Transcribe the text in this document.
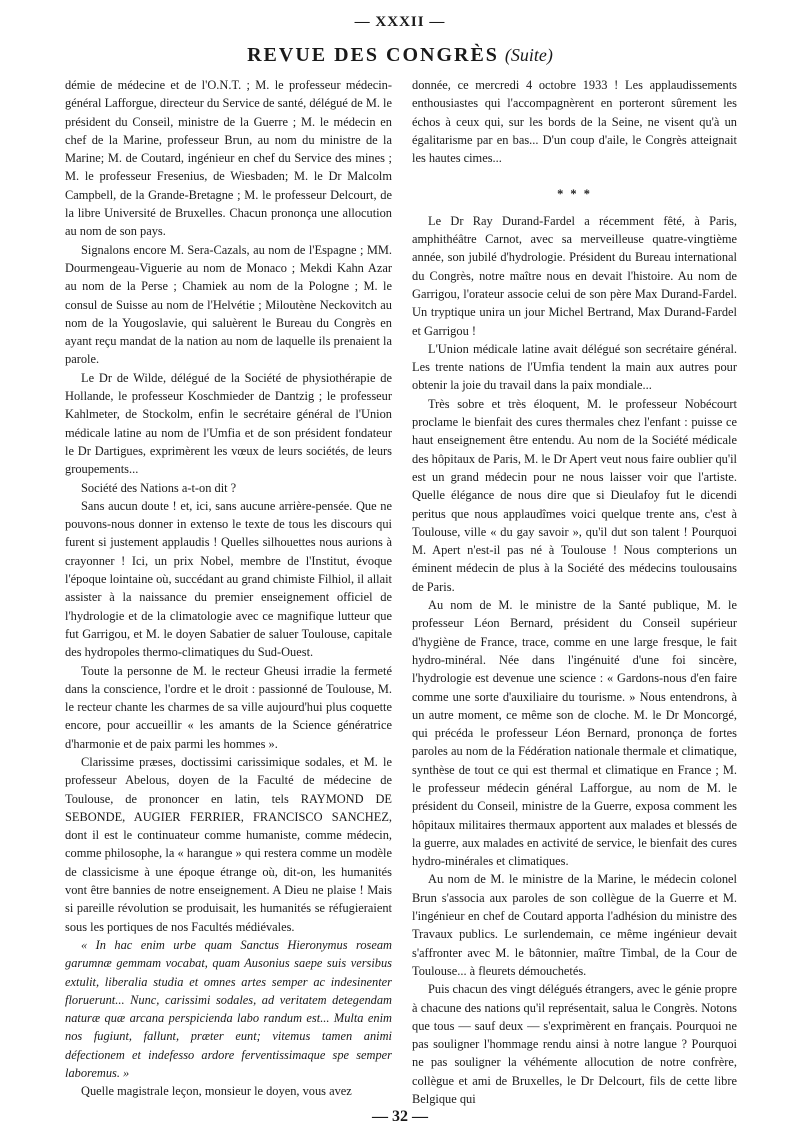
— XXXII —
REVUE DES CONGRÈS (Suite)

démie de médecine et de l'O.N.T. ; M. le professeur médecin-général Lafforgue, directeur du Service de santé, délégué de M. le président du Conseil, ministre de la Guerre ; M. le médecin en chef de la Marine, professeur Brun, au nom du ministre de la Marine; M. de Coutard, ingénieur en chef du Service des mines ; M. le professeur Fresenius, de Wiesbaden; M. le Dr Malcolm Campbell, de la Grande-Bretagne ; M. le professeur Delcourt, de la libre Université de Bruxelles. Chacun prononça une allocution au nom de son pays.

Signalons encore M. Sera-Cazals, au nom de l'Espagne ; MM. Dourmengeau-Viguerie au nom de Monaco ; Mekdi Kahn Azar au nom de la Perse ; Chamiek au nom de la Pologne ; M. le consul de Suisse au nom de l'Helvétie ; Miloutène Neckovitch au nom de la Yougoslavie, qui saluèrent le Bureau du Congrès en ayant reçu mandat de la nation au nom de laquelle ils prenaient la parole.

Le Dr de Wilde, délégué de la Société de physiothérapie de Hollande, le professeur Koschmieder de Dantzig ; le professeur Kahlmeter, de Stockolm, enfin le secrétaire général de l'Union médicale latine au nom de l'Umfia et de son président fondateur le Dr Dartigues, exprimèrent les vœux de leurs sociétés, de leurs groupements...

Société des Nations a-t-on dit ?

Sans aucun doute ! et, ici, sans aucune arrière-pensée. Que ne pouvons-nous donner in extenso le texte de tous les discours qui furent si justement applaudis ! Quelles silhouettes nous aurions à crayonner ! Ici, un prix Nobel, membre de l'Institut, évoque l'époque lointaine où, succédant au grand chimiste Filhiol, il allait assister à la naissance du premier enseignement officiel de l'hydrologie et de la climatologie avec ce magnifique lutteur que fut Garrigou, et M. le doyen Sabatier de saluer Toulouse, capitale des hydropoles thermo-climatiques du Sud-Ouest.

Toute la personne de M. le recteur Gheusi irradie la fermeté dans la conscience, l'ordre et le droit : passionné de Toulouse, M. le recteur chante les charmes de sa ville aujourd'hui plus coquette encore, pour accueillir « les amants de la Science génératrice d'harmonie et de paix parmi les hommes ».

Clarissime præses, doctissimi carissimique sodales, et M. le professeur Abelous, doyen de la Faculté de médecine de Toulouse, de prononcer en latin, tels RAYMOND DE SEBONDE, AUGIER FERRIER, FRANCISCO SANCHEZ, dont il est le continuateur comme humaniste, comme médecin, comme philosophe, la « harangue » qui restera comme un modèle de classicisme à une époque étrange où, dit-on, les humanités vont être bannies de notre enseignement. A Dieu ne plaise ! Mais si pareille révolution se produisait, les humanités se réfugieraient sous les portiques de nos Facultés médiévales.

« In hac enim urbe quam Sanctus Hieronymus roseam garumnæ gemmam vocabat, quam Ausonius saepe suis versibus extulit, liberalia studia et omnes artes semper ac indesinenter floruerunt... Nunc, carissimi sodales, ad veritatem detegendam naturæ quæ arcana perspicienda labo randum est... Multa enim nos fugiunt, fallunt, præter eunt; vitemus tamen animi défectionem et indefesso ardore ferventissimaque spe semper laboremus. »

Quelle magistrale leçon, monsieur le doyen, vous avez

donnée, ce mercredi 4 octobre 1933 ! Les applaudissements enthousiastes qui l'accompagnèrent en porteront sûrement les échos à ceux qui, sur les bords de la Seine, ne visent qu'à un égalitarisme par en bas... D'un coup d'aile, le Congrès atteignait les hautes cimes...

* * *

Le Dr Ray Durand-Fardel a récemment fêté, à Paris, amphithéâtre Carnot, avec sa merveilleuse quatre-vingtième année, son jubilé d'hydrologie. Président du Bureau international du Congrès, notre maître nous en devait l'histoire. Au nom de Garrigou, l'orateur associe celui de son père Max Durand-Fardel. Un tryptique unira un jour Michel Bertrand, Max Durand-Fardel et Garrigou !

L'Union médicale latine avait délégué son secrétaire général. Les trente nations de l'Umfia tendent la main aux autres pour obtenir la joie du travail dans la paix mondiale...

Très sobre et très éloquent, M. le professeur Nobécourt proclame le bienfait des cures thermales chez l'enfant : puisse ce haut enseignement être entendu. Au nom de la Société médicale des hôpitaux de Paris, M. le Dr Apert veut nous faire oublier qu'il est un grand médecin pour ne nous laisser voir que l'artiste. Quelle élégance de nous dire que si Dieulafoy fut le dicendi peritus que nous applaudîmes voici quelque trente ans, c'est à Toulouse, ville « du gay savoir », qu'il dut son talent ! Pourquoi M. Apert n'est-il pas né à Toulouse ! Nous compterions un éminent médecin de plus à la Société des médecins toulousains de Paris.

Au nom de M. le ministre de la Santé publique, M. le professeur Léon Bernard, président du Conseil supérieur d'hygiène de France, trace, comme en une large fresque, le fait hydro-minéral. Née dans l'ingénuité d'une foi sincère, l'hydrologie est devenue une science : « Gardons-nous d'en faire comme une sorte d'auxiliaire du tourisme. » Nous entendrons, à un autre moment, ce même son de cloche. M. le Dr Moncorgé, qui précéda le professeur Léon Bernard, prononça de fortes paroles au nom de la Fédération nationale thermale et climatique, synthèse de tout ce qui est thermal et climatique en France ; M. le professeur médecin général Lafforgue, au nom de M. le président du Conseil, ministre de la Guerre, exposa comment les hôpitaux militaires thermaux apportent aux malades et blessés de la guerre, aux malades en activité de service, le bienfait des cures hydro-minérales et climatiques.

Au nom de M. le ministre de la Marine, le médecin colonel Brun s'associa aux paroles de son collègue de la Guerre et M. l'ingénieur en chef de Coutard apporta l'adhésion du ministre des Travaux publics. Le surlendemain, ce même ingénieur devait s'affronter avec M. le bâtonnier, maître Timbal, de la Cour de Toulouse... à fleurets démouchetés.

Puis chacun des vingt délégués étrangers, avec le génie propre à chacune des nations qu'il représentait, salua le Congrès. Notons que tous — sauf deux — s'exprimèrent en français. Pourquoi ne pas souligner l'hommage rendu ainsi à notre langue ? Pourquoi ne pas souligner la véhémente allocution de notre confrère, collègue et ami de Bruxelles, le Dr Delcourt, fils de cette libre Belgique qui

— 32 —
